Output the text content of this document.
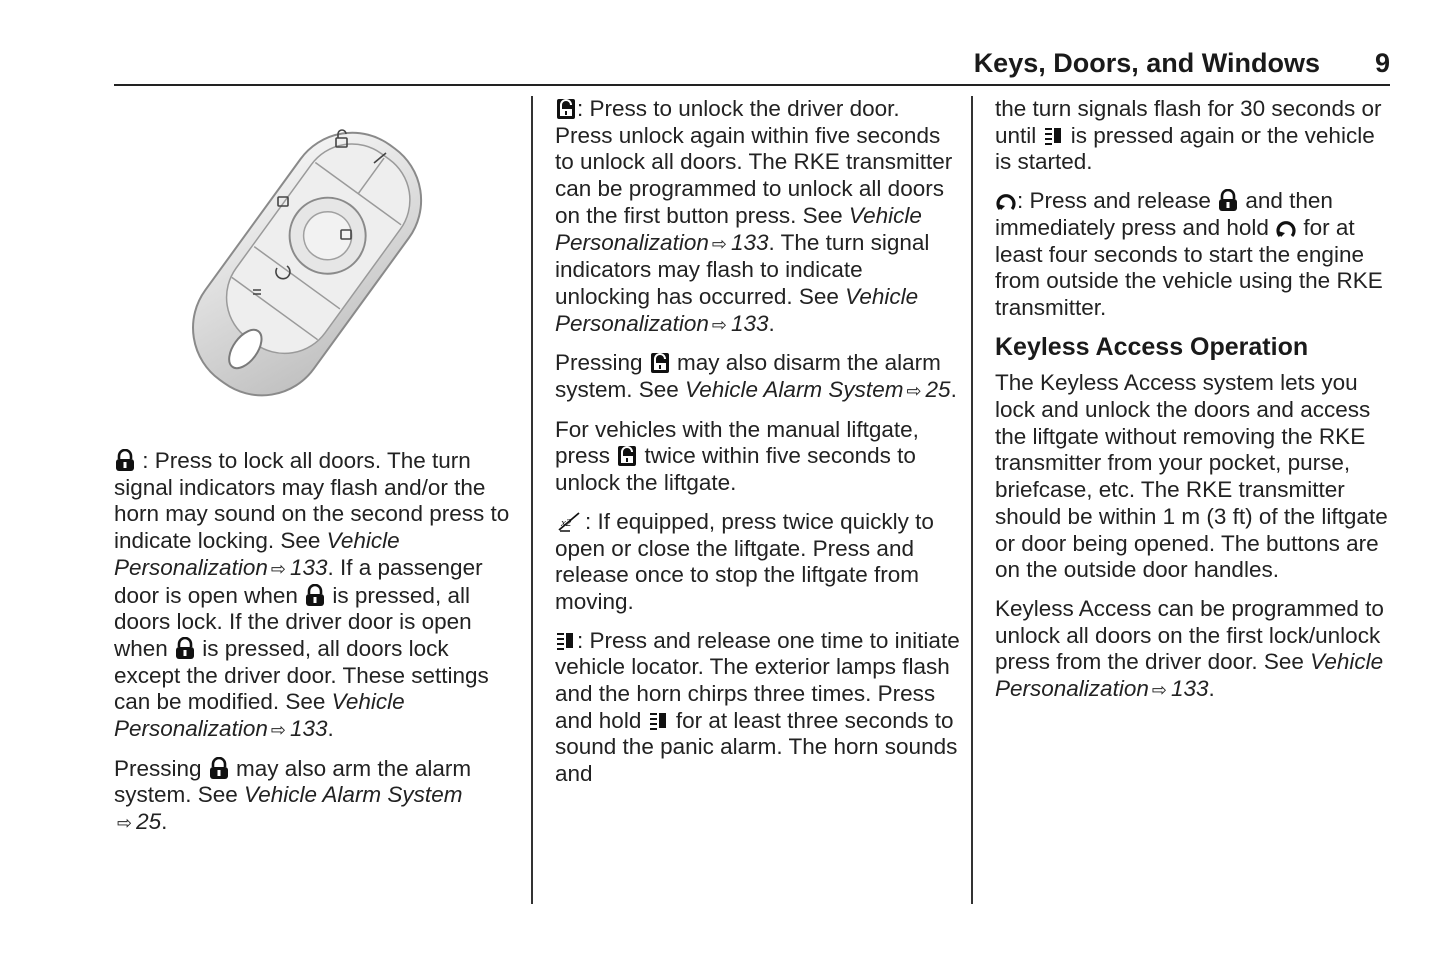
Keys, Doors, and Windows 9

: Press to lock all doors. The turn signal indicators may flash and/or the horn may sound on the second press to indicate locking. See Vehicle Personalization ⇨ 133. If a passenger door is open when
is pressed, all doors lock. If the driver door is open when
is pressed, all doors lock except the driver door. These settings can be modified. See Vehicle Personalization ⇨ 133.

Pressing
may also arm the alarm system. See Vehicle Alarm System
⇨ 25.

: Press to unlock the driver door. Press unlock again within five seconds to unlock all doors. The RKE transmitter can be programmed to unlock all doors on the first button press. See Vehicle Personalization ⇨ 133. The turn signal indicators may flash to indicate unlocking has occurred. See Vehicle Personalization ⇨ 133.

Pressing
may also disarm the alarm system. See Vehicle Alarm System ⇨ 25.

For vehicles with the manual liftgate, press
twice within five seconds to unlock the liftgate.

x2 : If equipped, press twice quickly to open or close the liftgate. Press and release once to stop the liftgate from moving.

: Press and release one time to initiate vehicle locator. The exterior lamps flash and the horn chirps three times. Press and hold
for at least three seconds to sound the panic alarm. The horn sounds and

the turn signals flash for 30 seconds or until
is pressed again or the vehicle is started.

: Press and release
and then immediately press and hold
for at least four seconds to start the engine from outside the vehicle using the RKE transmitter.

Keyless Access Operation

The Keyless Access system lets you lock and unlock the doors and access the liftgate without removing the RKE transmitter from your pocket, purse, briefcase, etc. The RKE transmitter should be within 1 m (3 ft) of the liftgate or door being opened. The buttons are on the outside door handles.

Keyless Access can be programmed to unlock all doors on the first lock/unlock press from the driver door. See Vehicle Personalization ⇨ 133.
